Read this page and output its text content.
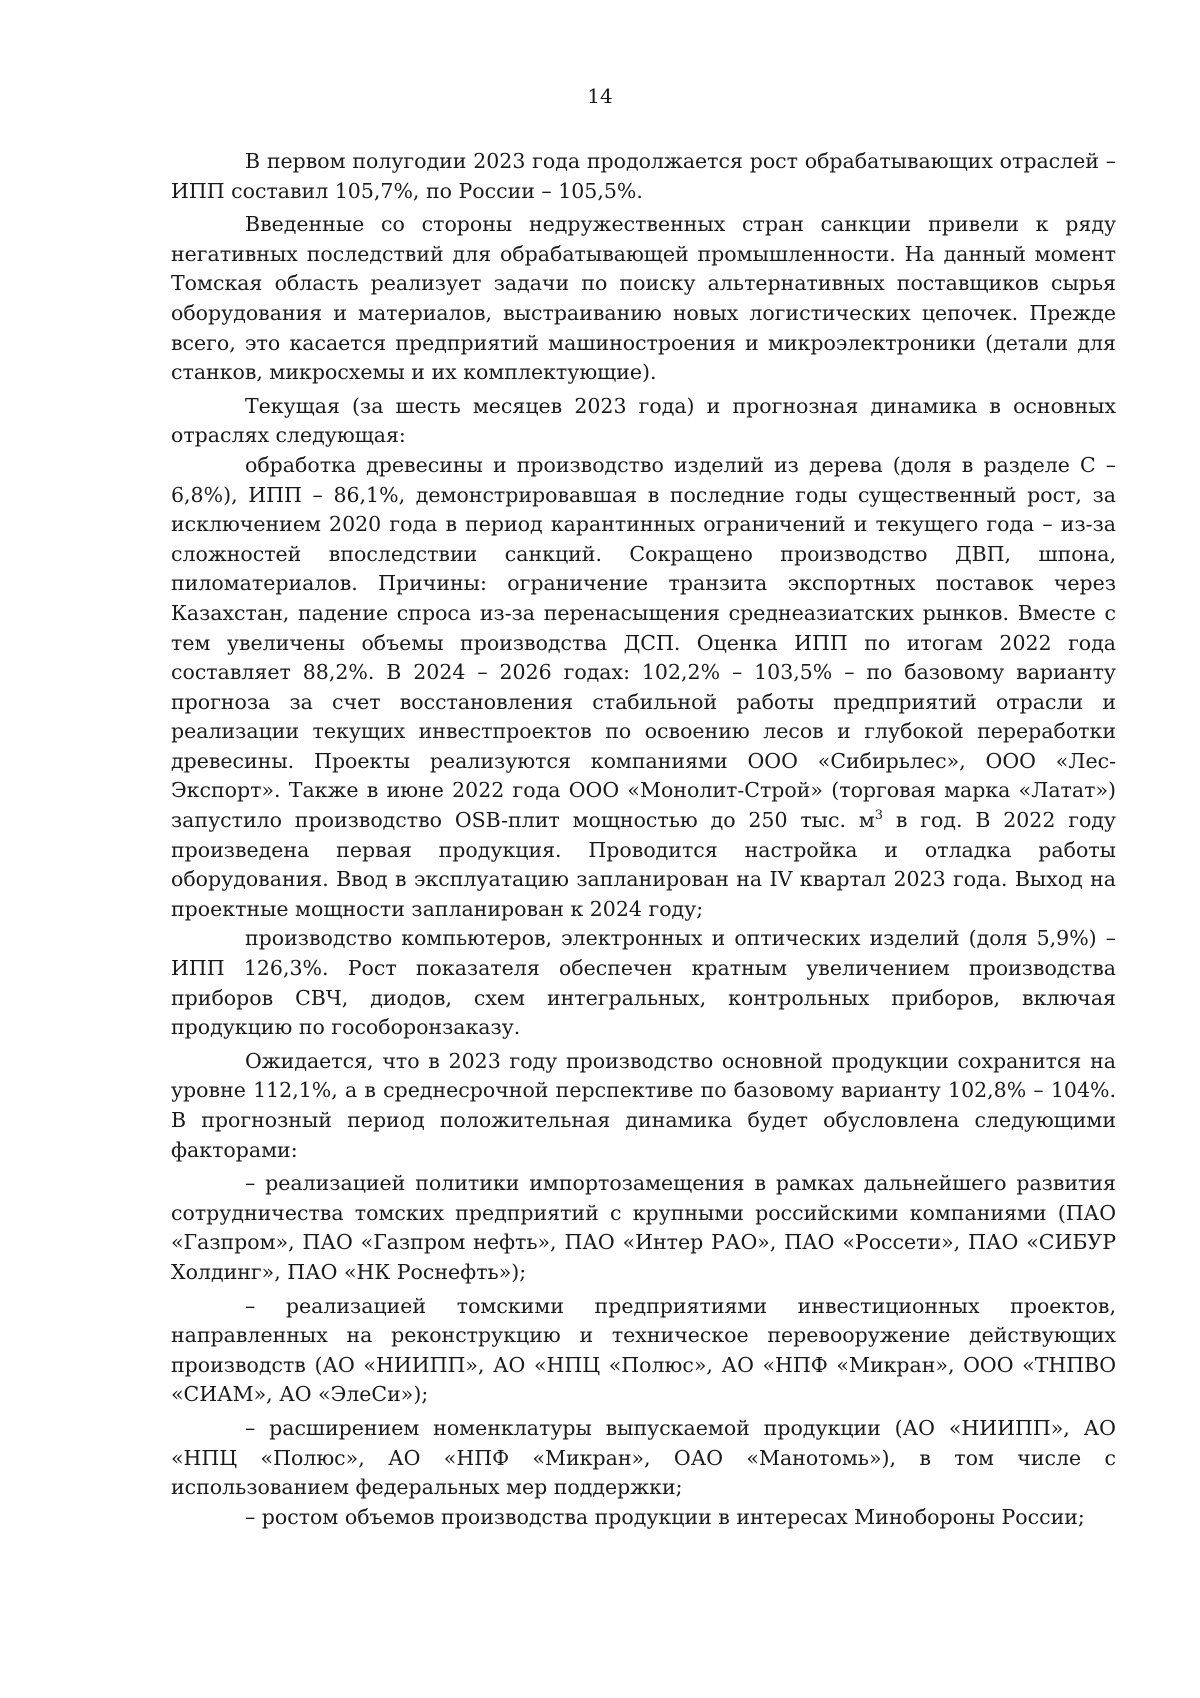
14

В первом полугодии 2023 года продолжается рост обрабатывающих отраслей – ИПП составил 105,7%, по России – 105,5%.

Введенные со стороны недружественных стран санкции привели к ряду негативных последствий для обрабатывающей промышленности. На данный момент Томская область реализует задачи по поиску альтернативных поставщиков сырья оборудования и материалов, выстраиванию новых логистических цепочек. Прежде всего, это касается предприятий машиностроения и микроэлектроники (детали для станков, микросхемы и их комплектующие).

Текущая (за шесть месяцев 2023 года) и прогнозная динамика в основных отраслях следующая:

обработка древесины и производство изделий из дерева (доля в разделе С – 6,8%), ИПП – 86,1%, демонстрировавшая в последние годы существенный рост, за исключением 2020 года в период карантинных ограничений и текущего года – из-за сложностей впоследствии санкций. Сокращено производство ДВП, шпона, пиломатериалов. Причины: ограничение транзита экспортных поставок через Казахстан, падение спроса из-за перенасыщения среднеазиатских рынков. Вместе с тем увеличены объемы производства ДСП. Оценка ИПП по итогам 2022 года составляет 88,2%. В 2024 – 2026 годах: 102,2% – 103,5% – по базовому варианту прогноза за счет восстановления стабильной работы предприятий отрасли и реализации текущих инвестпроектов по освоению лесов и глубокой переработки древесины. Проекты реализуются компаниями ООО «Сибирьлес», ООО «Лес-Экспорт». Также в июне 2022 года ООО «Монолит-Строй» (торговая марка «Латат») запустило производство OSB-плит мощностью до 250 тыс. $м^3$ в год. В 2022 году произведена первая продукция. Проводится настройка и отладка работы оборудования. Ввод в эксплуатацию запланирован на IV квартал 2023 года. Выход на проектные мощности запланирован к 2024 году;

производство компьютеров, электронных и оптических изделий (доля 5,9%) – ИПП 126,3%. Рост показателя обеспечен кратным увеличением производства приборов СВЧ, диодов, схем интегральных, контрольных приборов, включая продукцию по гособоронзаказу.

Ожидается, что в 2023 году производство основной продукции сохранится на уровне 112,1%, а в среднесрочной перспективе по базовому варианту 102,8% – 104%. В прогнозный период положительная динамика будет обусловлена следующими факторами:

– реализацией политики импортозамещения в рамках дальнейшего развития сотрудничества томских предприятий с крупными российскими компаниями (ПАО «Газпром», ПАО «Газпром нефть», ПАО «Интер РАО», ПАО «Россети», ПАО «СИБУР Холдинг», ПАО «НК Роснефть»);

– реализацией томскими предприятиями инвестиционных проектов, направленных на реконструкцию и техническое перевооружение действующих производств (АО «НИИПП», АО «НПЦ «Полюс», АО «НПФ «Микран», ООО «ТНПВО «СИАМ», АО «ЭлеСи»);

– расширением номенклатуры выпускаемой продукции (АО «НИИПП», АО «НПЦ «Полюс», АО «НПФ «Микран», ОАО «Манотомь»), в том числе с использованием федеральных мер поддержки;

– ростом объемов производства продукции в интересах Минобороны России;
